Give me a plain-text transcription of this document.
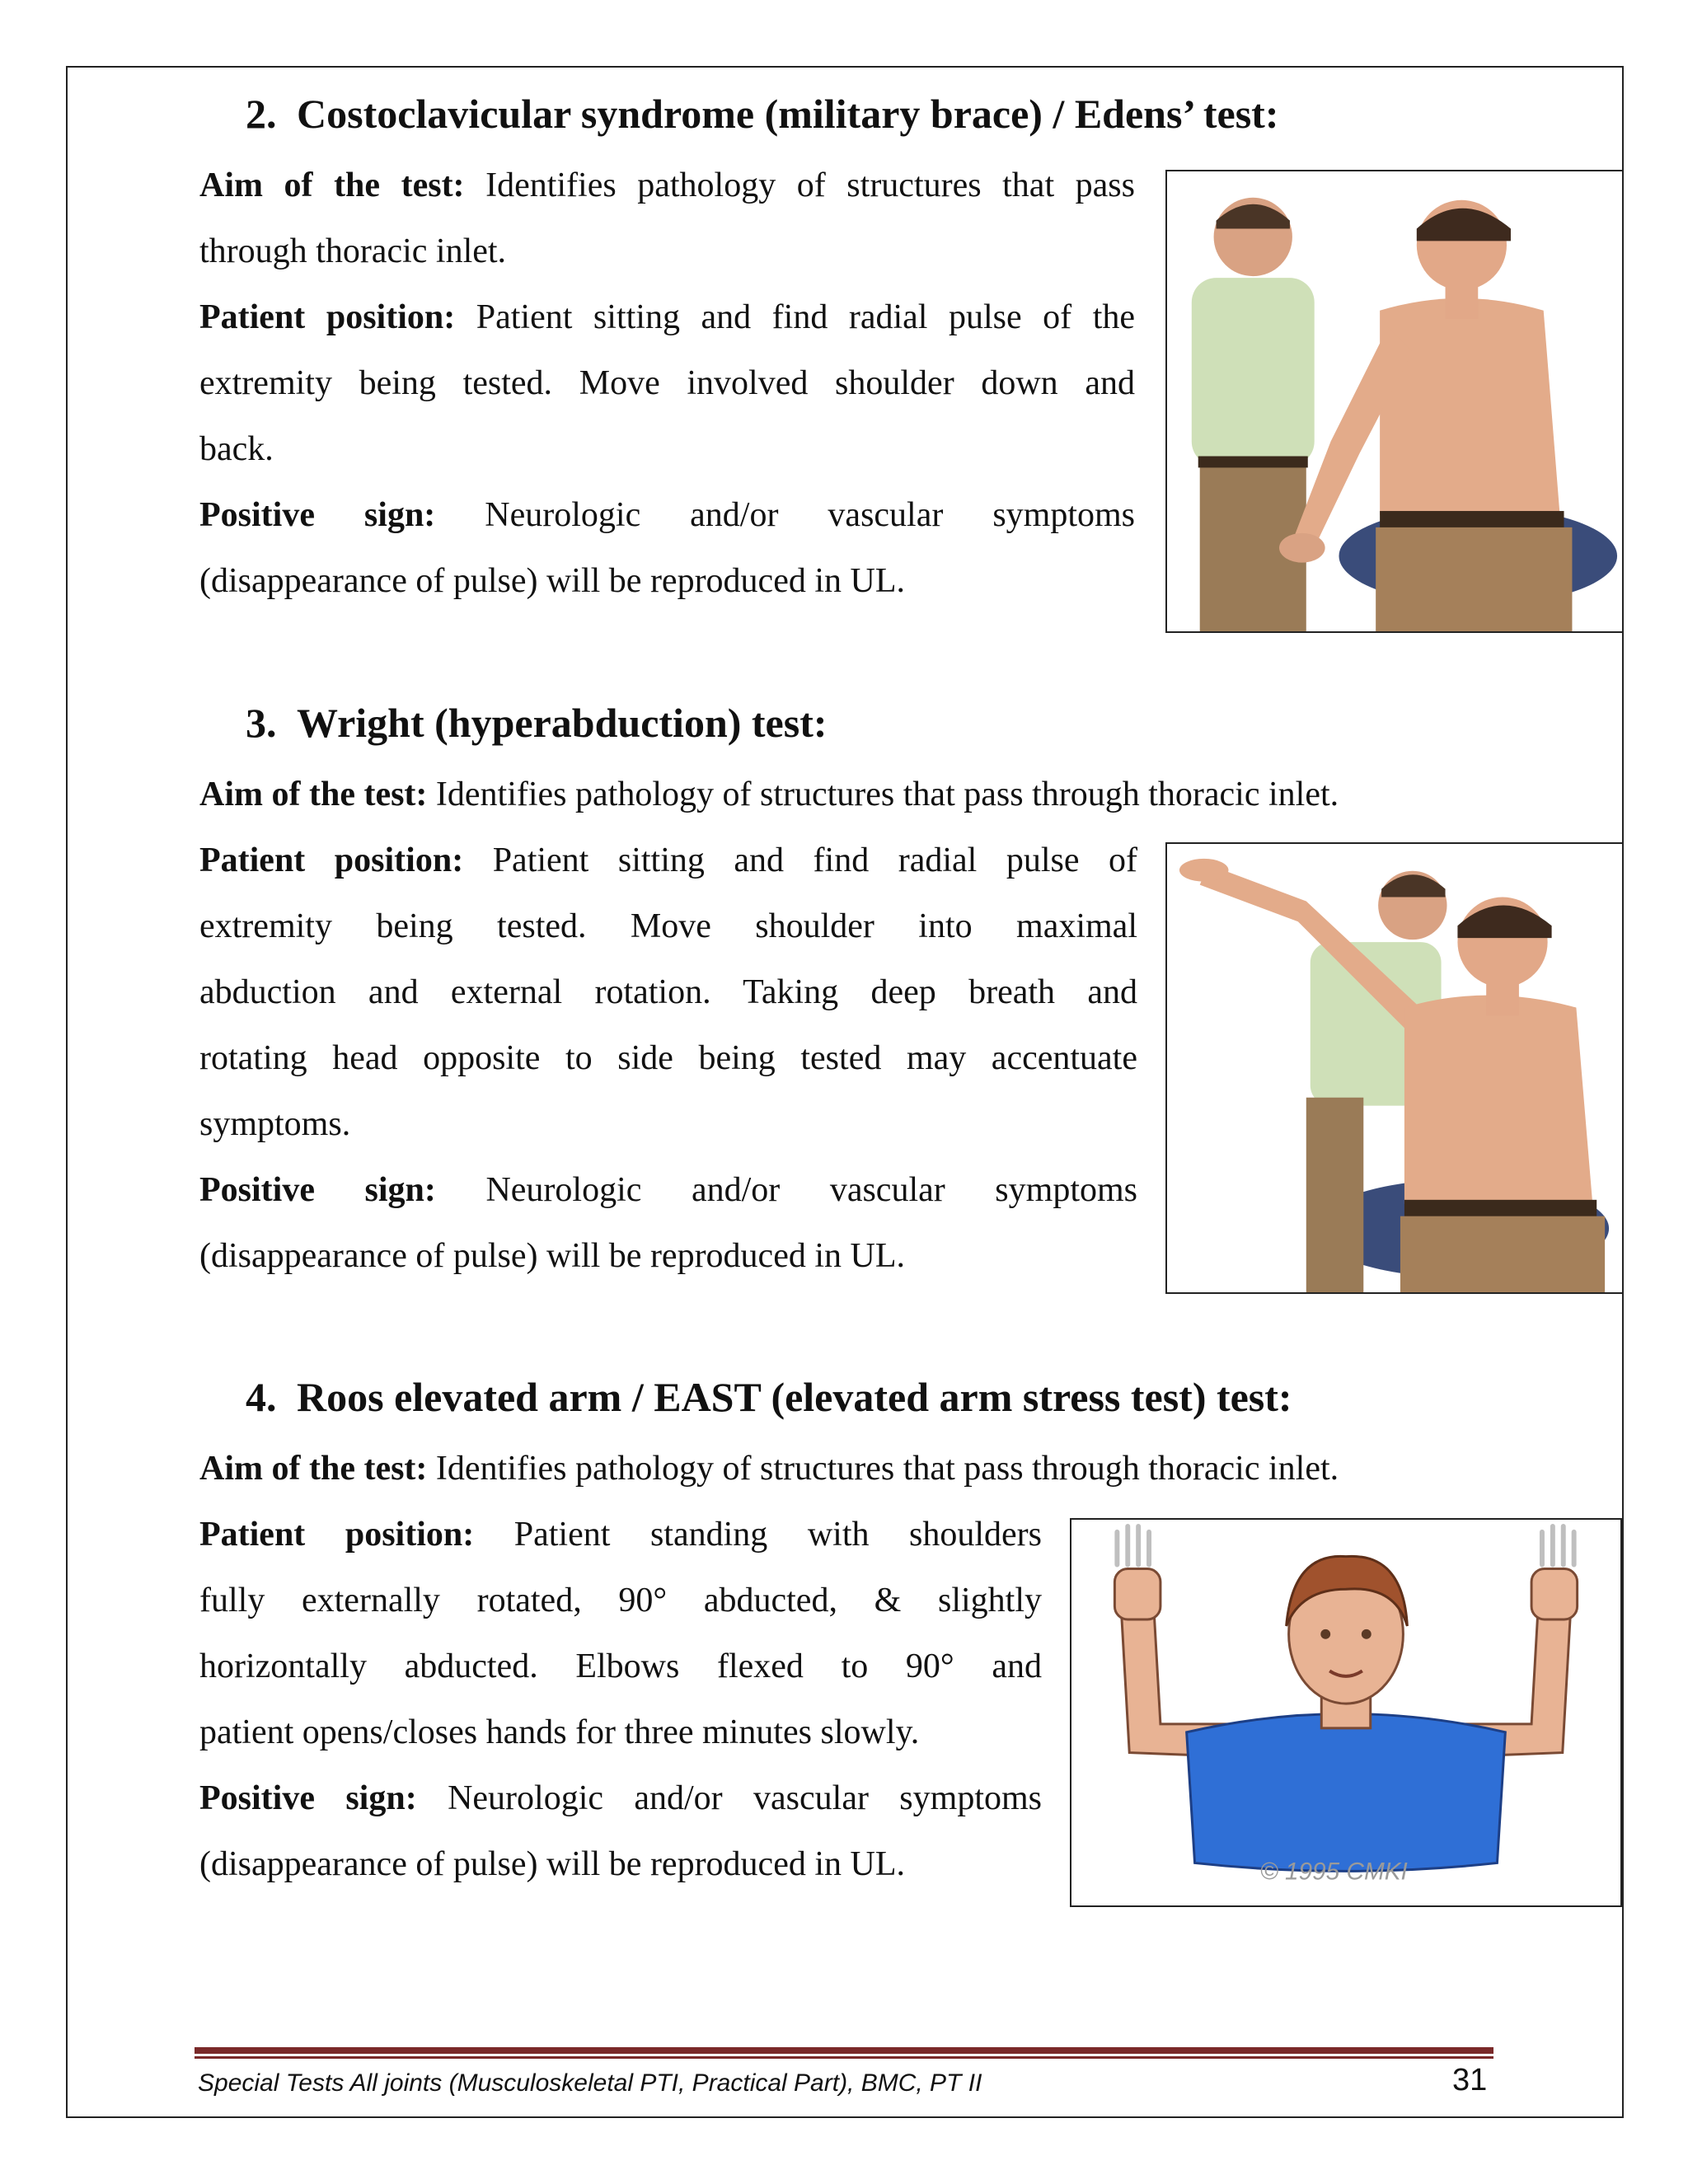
2. Costoclavicular syndrome (military brace) / Edens’ test:
Aim of the test: Identifies pathology of structures that pass
through thoracic inlet.
Patient position: Patient sitting and find radial pulse of the
extremity being tested. Move involved shoulder down and
back.
Positive sign: Neurologic and/or vascular symptoms
(disappearance of pulse) will be reproduced in UL.
3. Wright (hyperabduction) test:
Aim of the test: Identifies pathology of structures that pass through thoracic inlet.
Patient position: Patient sitting and find radial pulse of
extremity being tested. Move shoulder into maximal
abduction and external rotation. Taking deep breath and
rotating head opposite to side being tested may accentuate
symptoms.
Positive sign: Neurologic and/or vascular symptoms
(disappearance of pulse) will be reproduced in UL.
4. Roos elevated arm / EAST (elevated arm stress test) test:
Aim of the test: Identifies pathology of structures that pass through thoracic inlet.
Patient position: Patient standing with shoulders
fully externally rotated, 90° abducted, & slightly
horizontally abducted. Elbows flexed to 90° and
patient opens/closes hands for three minutes slowly.
Positive sign: Neurologic and/or vascular symptoms
(disappearance of pulse) will be reproduced in UL.	© 1995 CMKI
Special Tests All joints (Musculoskeletal PTI, Practical Part), BMC, PT II	31
